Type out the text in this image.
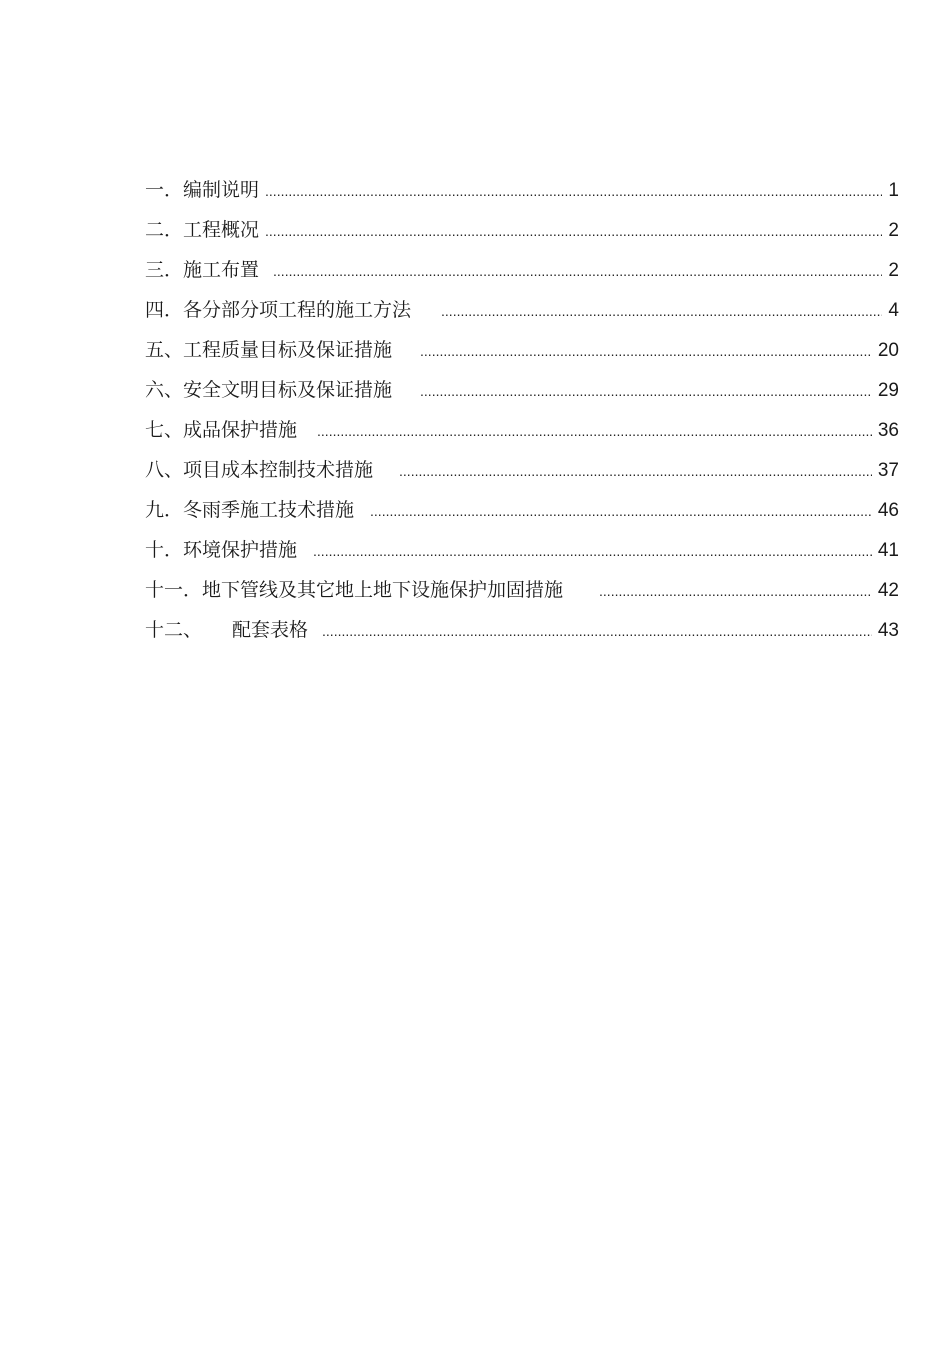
一． 编制说明 .....	1
二． 工程概况 .....	2
三． 施工布置 .....	2
四． 各分部分项工程的施工方法 .....	4
五、 工程质量目标及保证措施 .....	20
六、 安全文明目标及保证措施 .....	29
七、 成品保护措施 .....	36
八、 项目成本控制技术措施 .....	37
九． 冬雨季施工技术措施 .....	46
十． 环境保护措施 .....	41
十一． 地下管线及其它地上地下设施保护加固措施 .....	42
十二、 配套表格 .....	43
